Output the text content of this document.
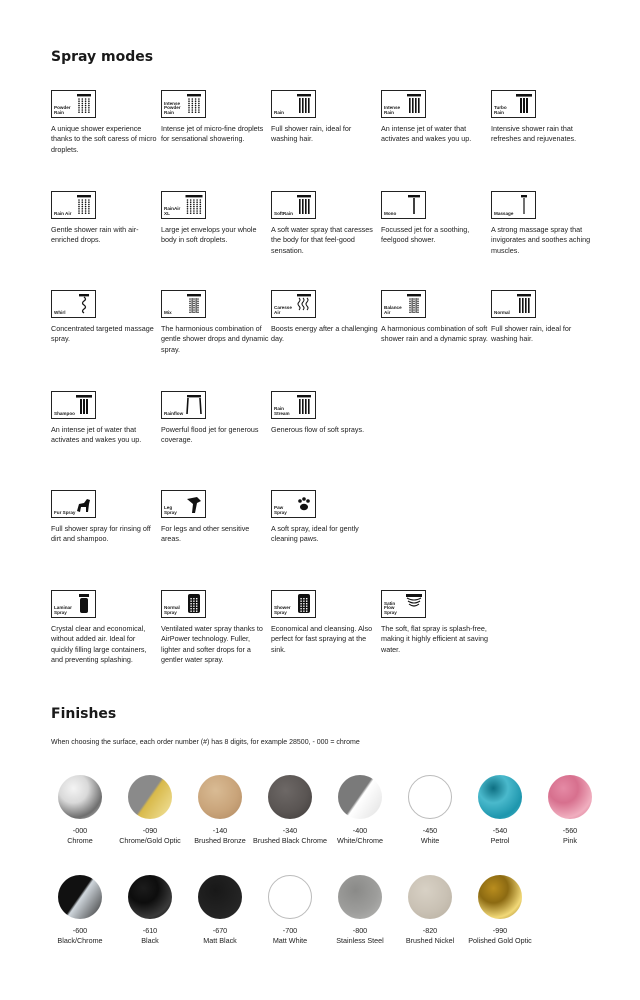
Spray modes
Powder Rain
A unique shower experience thanks to the soft caress of micro droplets.
Intense Powder Rain
Intense jet of micro-fine droplets for sensational showering.
Rain
Full shower rain, ideal for washing hair.
Intense Rain
An intense jet of water that activates and wakes you up.
Turbo Rain
Intensive shower rain that refreshes and rejuvenates.
Rain Air
Gentle shower rain with air-enriched drops.
RainAir XL
Large jet envelops your whole body in soft droplets.
SoftRain
A soft water spray that caresses the body for that feel-good sensation.
Mono
Focussed jet for a soothing, feelgood shower.
Massage
A strong massage spray that invigorates and soothes aching muscles.
Whirl
Concentrated targeted massage spray.
Mix
The harmonious combination of gentle shower drops and dynamic spray.
Caresse Air
Boosts energy after a challenging day.
Balance Air
A harmonious combination of soft shower rain and a dynamic spray.
Normal
Full shower rain, ideal for washing hair.
Shampoo
An intense jet of water that activates and wakes you up.
Rainflow
Powerful flood jet for generous coverage.
Rain Stream
Generous flow of soft sprays.
Fur Spray
Full shower spray for rinsing off dirt and shampoo.
Leg Spray
For legs and other sensitive areas.
Paw Spray
A soft spray, ideal for gently cleaning paws.
Laminar Spray
Crystal clear and economical, without added air. Ideal for quickly filling large containers, and preventing splashing.
Normal Spray
Ventilated water spray thanks to AirPower technology. Fuller, lighter and softer drops for a gentler water spray.
Shower Spray
Economical and cleansing. Also perfect for fast spraying at the sink.
Satin Flow Spray
The soft, flat spray is splash-free, making it highly efficient at saving water.
Finishes

When choosing the surface, each order number (#) has 8 digits, for example 28500, - 000 = chrome

-000
Chrome
-090
Chrome/Gold Optic
-140
Brushed Bronze
-340
Brushed Black Chrome
-400
White/Chrome
-450
White
-540
Petrol
-560
Pink
-600
Black/Chrome
-610
Black
-670
Matt Black
-700
Matt White
-800
Stainless Steel
-820
Brushed Nickel
-990
Polished Gold Optic
